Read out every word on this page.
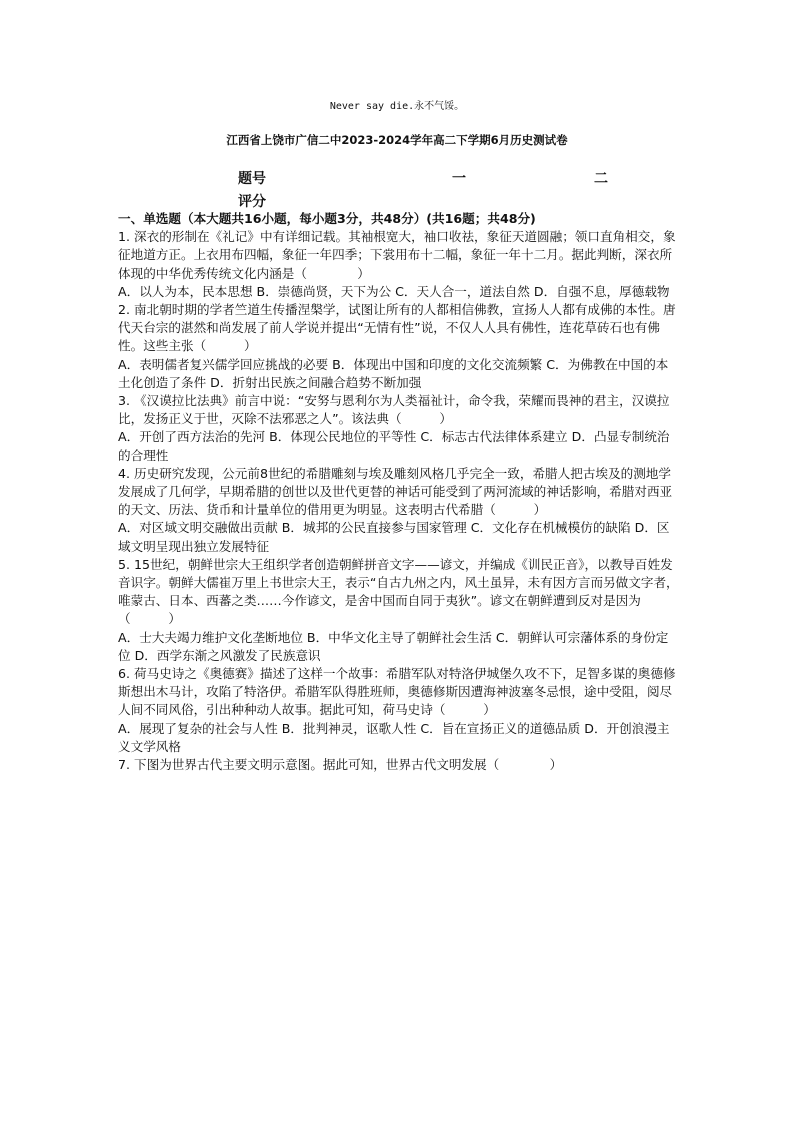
Never say die.永不气馁。
江西省上饶市广信二中2023-2024学年高二下学期6月历史测试卷
题号
评分
一	二

一、单选题（本大题共16小题，每小题3分，共48分）(共16题；共48分)

1. 深衣的形制在《礼记》中有详细记载。其袖根宽大，袖口收祛，象征天道圆融；领口直角相交，象征地道方正。上衣用布四幅，象征一年四季；下裳用布十二幅，象征一年十二月。据此判断，深衣所体现的中华优秀传统文化内涵是（　　　　）

A．以人为本，民本思想 B．崇德尚贤，天下为公 C．天人合一，道法自然 D．自强不息，厚德载物

2. 南北朝时期的学者竺道生传播涅槃学，试图让所有的人都相信佛教，宣扬人人都有成佛的本性。唐代天台宗的湛然和尚发展了前人学说并提出“无情有性”说，不仅人人具有佛性，连花草砖石也有佛性。这些主张（　　　）

A．表明儒者复兴儒学回应挑战的必要 B．体现出中国和印度的文化交流频繁 C．为佛教在中国的本土化创造了条件 D．折射出民族之间融合趋势不断加强

3. 《汉谟拉比法典》前言中说：“安努与恩利尔为人类福祉计，命令我，荣耀而畏神的君主，汉谟拉比，发扬正义于世，灭除不法邪恶之人”。该法典（　　　）

A．开创了西方法治的先河 B．体现公民地位的平等性 C．标志古代法律体系建立 D．凸显专制统治的合理性

4. 历史研究发现，公元前8世纪的希腊雕刻与埃及雕刻风格几乎完全一致，希腊人把古埃及的测地学发展成了几何学，早期希腊的创世以及世代更替的神话可能受到了两河流域的神话影响，希腊对西亚的天文、历法、货币和计量单位的借用更为明显。这表明古代希腊（　　　）

A．对区域文明交融做出贡献 B．城邦的公民直接参与国家管理 C．文化存在机械模仿的缺陷 D．区域文明呈现出独立发展特征

5. 15世纪，朝鲜世宗大王组织学者创造朝鲜拼音文字——谚文，并编成《训民正音》，以教导百姓发音识字。朝鲜大儒崔万里上书世宗大王，表示“自古九州之内，风土虽异，未有因方言而另做文字者，唯蒙古、日本、西蕃之类……今作谚文，是舍中国而自同于夷狄”。谚文在朝鲜遭到反对是因为（　　　）

A．士大夫竭力维护文化垄断地位 B．中华文化主导了朝鲜社会生活 C．朝鲜认可宗藩体系的身份定位 D．西学东渐之风激发了民族意识

6. 荷马史诗之《奥德赛》描述了这样一个故事：希腊军队对特洛伊城堡久攻不下，足智多谋的奥德修斯想出木马计，攻陷了特洛伊。希腊军队得胜班师，奥德修斯因遭海神波塞冬忌恨，途中受阻，阅尽人间不同风俗，引出种种动人故事。据此可知，荷马史诗（　　　）

A．展现了复杂的社会与人性 B．批判神灵，讴歌人性 C．旨在宣扬正义的道德品质 D．开创浪漫主义文学风格

7. 下图为世界古代主要文明示意图。据此可知，世界古代文明发展（　　　　）
